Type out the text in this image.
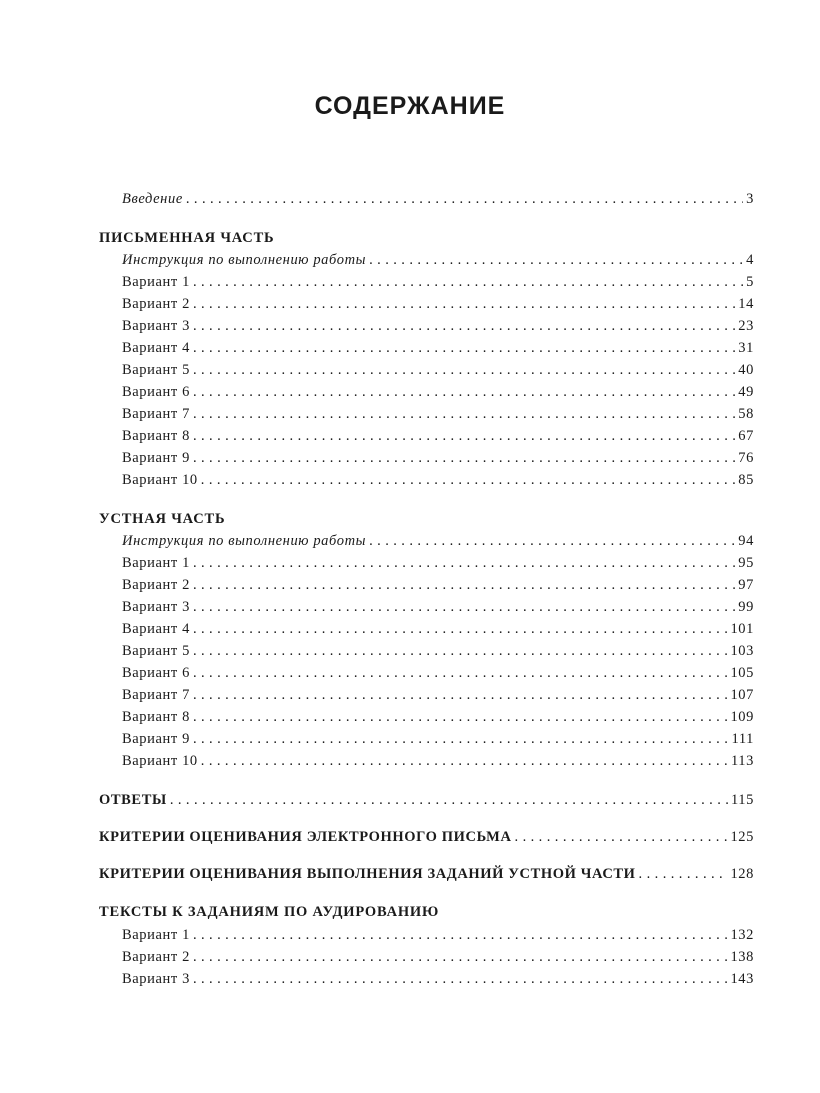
СОДЕРЖАНИЕ
Введение . . .	3
ПИСЬМЕННАЯ ЧАСТЬ
Инструкция по выполнению работы . . .	4
Вариант 1 . . .	5
Вариант 2 . . .	14
Вариант 3 . . .	23
Вариант 4 . . .	31
Вариант 5 . . .	40
Вариант 6 . . .	49
Вариант 7 . . .	58
Вариант 8 . . .	67
Вариант 9 . . .	76
Вариант 10 . . .	85
УСТНАЯ ЧАСТЬ
Инструкция по выполнению работы . . .	94
Вариант 1 . . .	95
Вариант 2 . . .	97
Вариант 3 . . .	99
Вариант 4 . . .	101
Вариант 5 . . .	103
Вариант 6 . . .	105
Вариант 7 . . .	107
Вариант 8 . . .	109
Вариант 9 . . .	111
Вариант 10 . . .	113
ОТВЕТЫ . . .	115
КРИТЕРИИ ОЦЕНИВАНИЯ ЭЛЕКТРОННОГО ПИСЬМА . . .	125
КРИТЕРИИ ОЦЕНИВАНИЯ ВЫПОЛНЕНИЯ ЗАДАНИЙ УСТНОЙ ЧАСТИ . . .	128
ТЕКСТЫ К ЗАДАНИЯМ ПО АУДИРОВАНИЮ
Вариант 1 . . .	132
Вариант 2 . . .	138
Вариант 3 . . .	143
